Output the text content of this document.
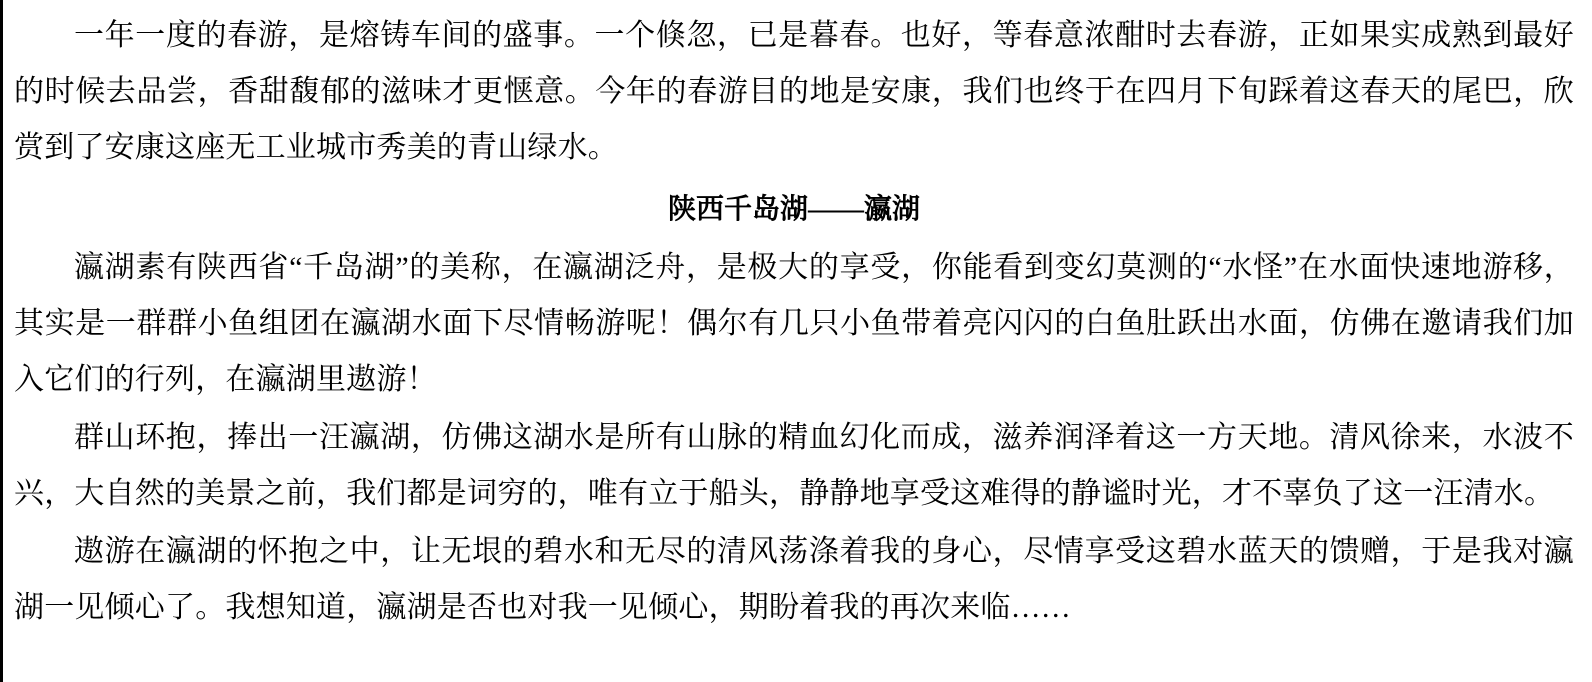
一年一度的春游，是熔铸车间的盛事。一个倏忽，已是暮春。也好，等春意浓酣时去春游，正如果实成熟到最好的时候去品尝，香甜馥郁的滋味才更惬意。今年的春游目的地是安康，我们也终于在四月下旬踩着这春天的尾巴，欣赏到了安康这座无工业城市秀美的青山绿水。

陕西千岛湖——瀛湖

瀛湖素有陕西省“千岛湖”的美称，在瀛湖泛舟，是极大的享受，你能看到变幻莫测的“水怪”在水面快速地游移，其实是一群群小鱼组团在瀛湖水面下尽情畅游呢！偶尔有几只小鱼带着亮闪闪的白鱼肚跃出水面，仿佛在邀请我们加入它们的行列，在瀛湖里遨游！

群山环抱，捧出一汪瀛湖，仿佛这湖水是所有山脉的精血幻化而成，滋养润泽着这一方天地。清风徐来，水波不兴，大自然的美景之前，我们都是词穷的，唯有立于船头，静静地享受这难得的静谧时光，才不辜负了这一汪清水。

遨游在瀛湖的怀抱之中，让无垠的碧水和无尽的清风荡涤着我的身心，尽情享受这碧水蓝天的馈赠，于是我对瀛湖一见倾心了。我想知道，瀛湖是否也对我一见倾心，期盼着我的再次来临……
